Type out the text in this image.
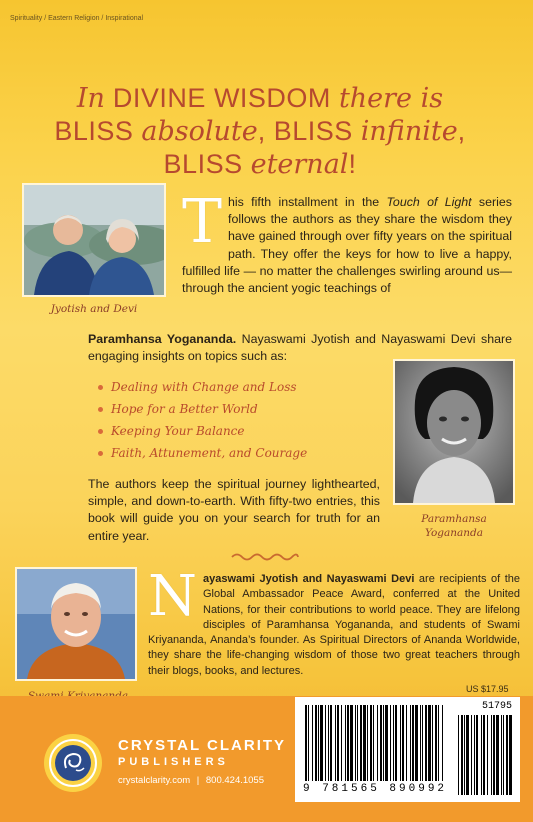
Spirituality / Eastern Religion / Inspirational
In DIVINE WISDOM there is
BLISS absolute, BLISS infinite,
BLISS eternal!
Jyotish and Devi
This fifth installment in the Touch of Light series follows the authors as they share the wisdom they have gained through over fifty years on the spiritual path. They offer the keys for how to live a happy, fulfilled life — no matter the challenges swirling around us—through the ancient yogic teachings of
Paramhansa Yogananda. Nayaswami Jyotish and Nayaswami Devi share engaging insights on topics such as:
Dealing with Change and Loss
Hope for a Better World
Keeping Your Balance
Faith, Attunement, and Courage
Paramhansa
Yogananda
The authors keep the spiritual journey lighthearted, simple, and down-to-earth. With fifty-two entries, this book will guide you on your search for truth for an entire year.
Nayaswami Jyotish and Nayaswami Devi are recipients of the Global Ambassador Peace Award, conferred at the United Nations, for their contributions to world peace. They are lifelong disciples of Paramhansa Yogananda, and students of Swami Kriyananda, Ananda’s founder. As Spiritual Directors of Ananda Worldwide, they share the life-changing wisdom of those two great teachers through their blogs, books, and lectures.
US $17.95
CRYSTAL CLARITY
PUBLISHERS
crystalclarity.com | 800.424.1055
51795
9 781565 890992
